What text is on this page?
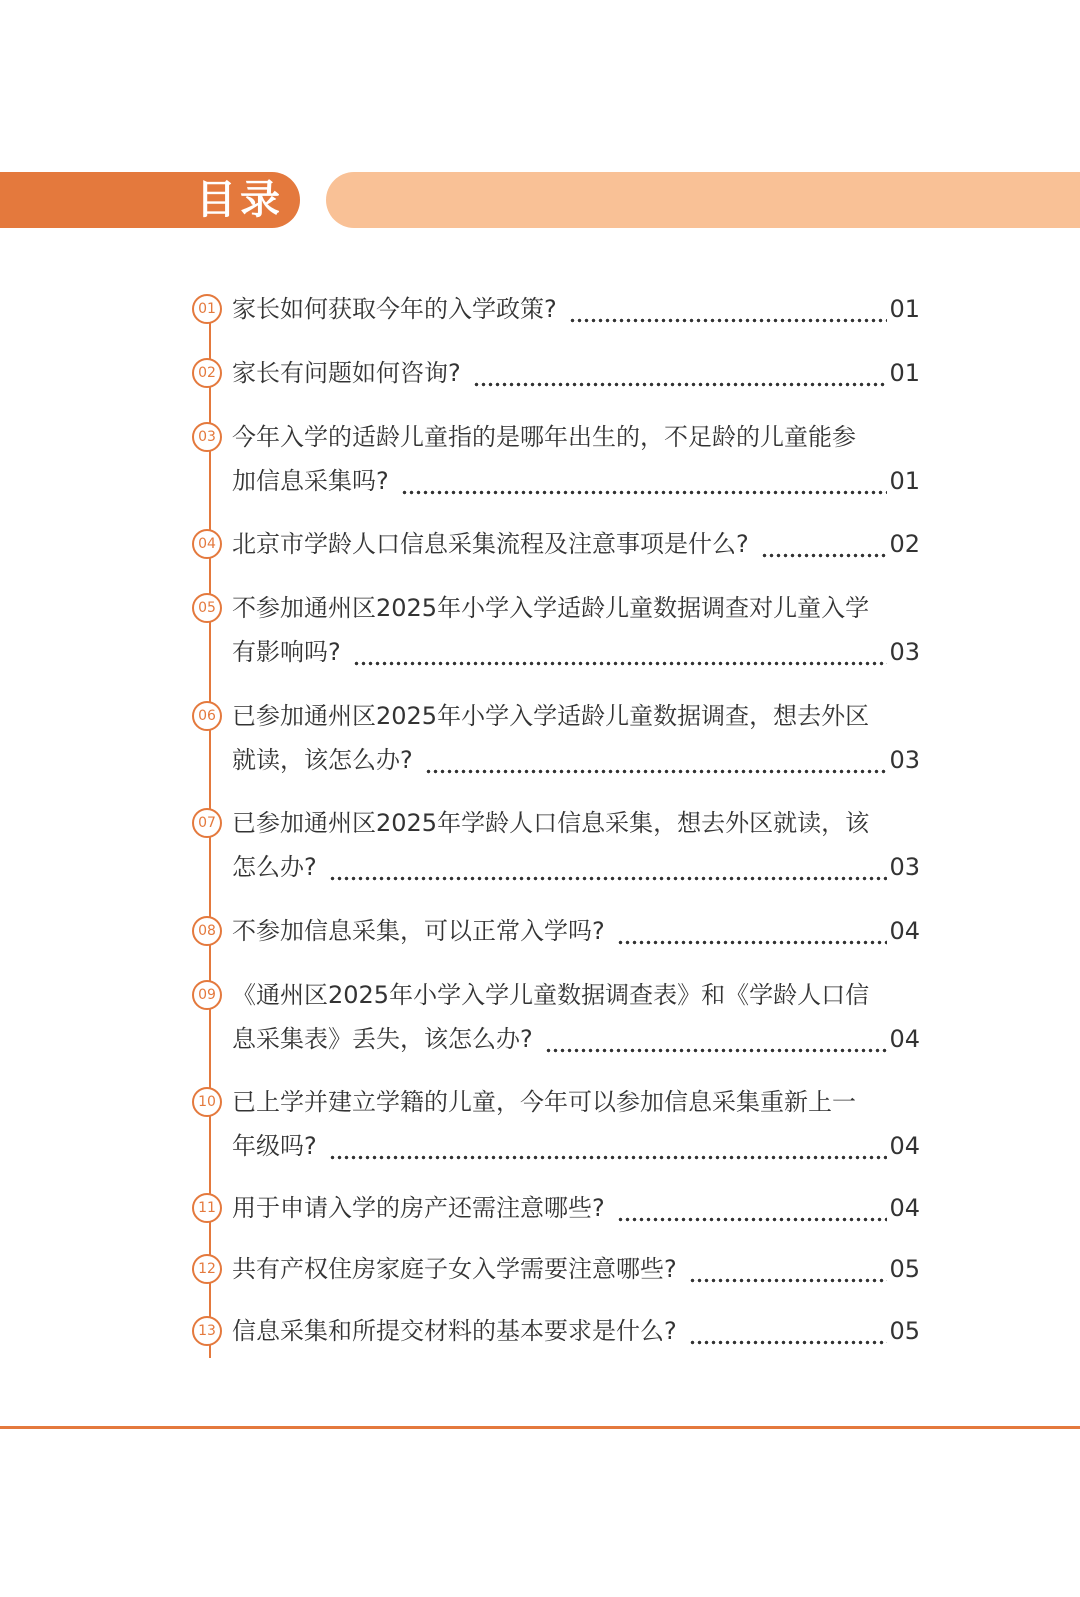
目录
01 家长如何获取今年的入学政策?	01
02 家长有问题如何咨询?	01
03 今年入学的适龄儿童指的是哪年出生的，不足龄的儿童能参
加信息采集吗?	01
04 北京市学龄人口信息采集流程及注意事项是什么?	02
05 不参加通州区2025年小学入学适龄儿童数据调查对儿童入学
有影响吗?	03
06 已参加通州区2025年小学入学适龄儿童数据调查，想去外区
就读，该怎么办?	03
07 已参加通州区2025年学龄人口信息采集，想去外区就读，该
怎么办?	03
08 不参加信息采集，可以正常入学吗?	04
09 《通州区2025年小学入学儿童数据调查表》和《学龄人口信
息采集表》丢失，该怎么办?	04
10 已上学并建立学籍的儿童，今年可以参加信息采集重新上一
年级吗?	04
11 用于申请入学的房产还需注意哪些?	04
12 共有产权住房家庭子女入学需要注意哪些?	05
13 信息采集和所提交材料的基本要求是什么?	05
